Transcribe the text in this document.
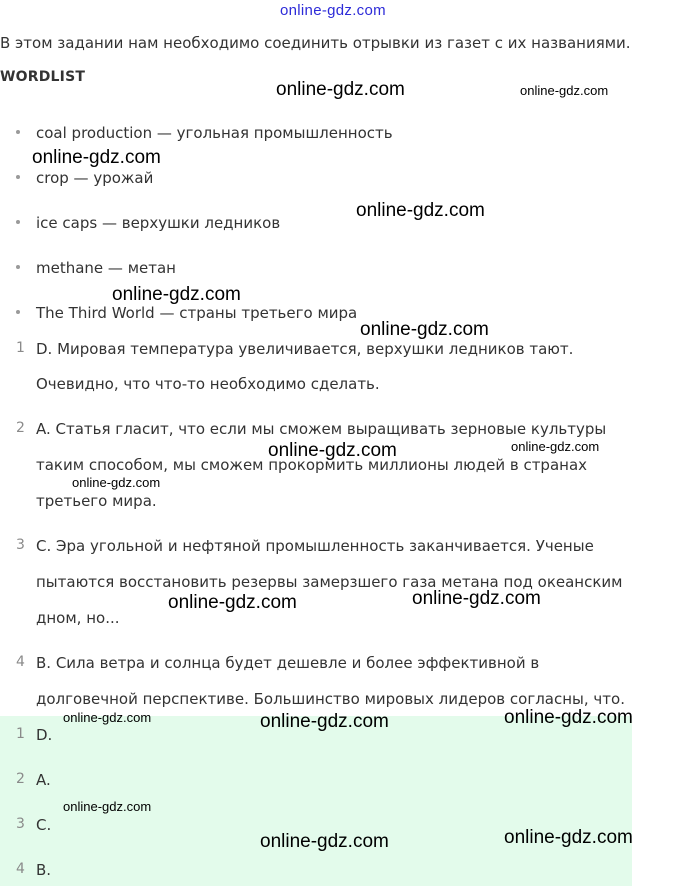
online-gdz.com
В этом задании нам необходимо соединить отрывки из газет с их названиями.
WORDLIST
coal production — угольная промышленность
crop — урожай
ice caps — верхушки ледников
methane — метан
The Third World — страны третьего мира
1 D. Мировая температура увеличивается, верхушки ледников тают.
Очевидно, что что-то необходимо сделать.
2 A. Статья гласит, что если мы сможем выращивать зерновые культуры
таким способом, мы сможем прокормить миллионы людей в странах
третьего мира.
3 C. Эра угольной и нефтяной промышленность заканчивается. Ученые
пытаются восстановить резервы замерзшего газа метана под океанским
дном, но...
4 B. Сила ветра и солнца будет дешевле и более эффективной в
долговечной перспективе. Большинство мировых лидеров согласны, что.
1 D.
2 A.
3 C.
4 B.
online-gdz.com	online-gdz.com
online-gdz.com
online-gdz.com
online-gdz.com
online-gdz.com
online-gdz.com	online-gdz.com
online-gdz.com
online-gdz.com	online-gdz.com
online-gdz.com	online-gdz.com	online-gdz.com
online-gdz.com
online-gdz.com	online-gdz.com
